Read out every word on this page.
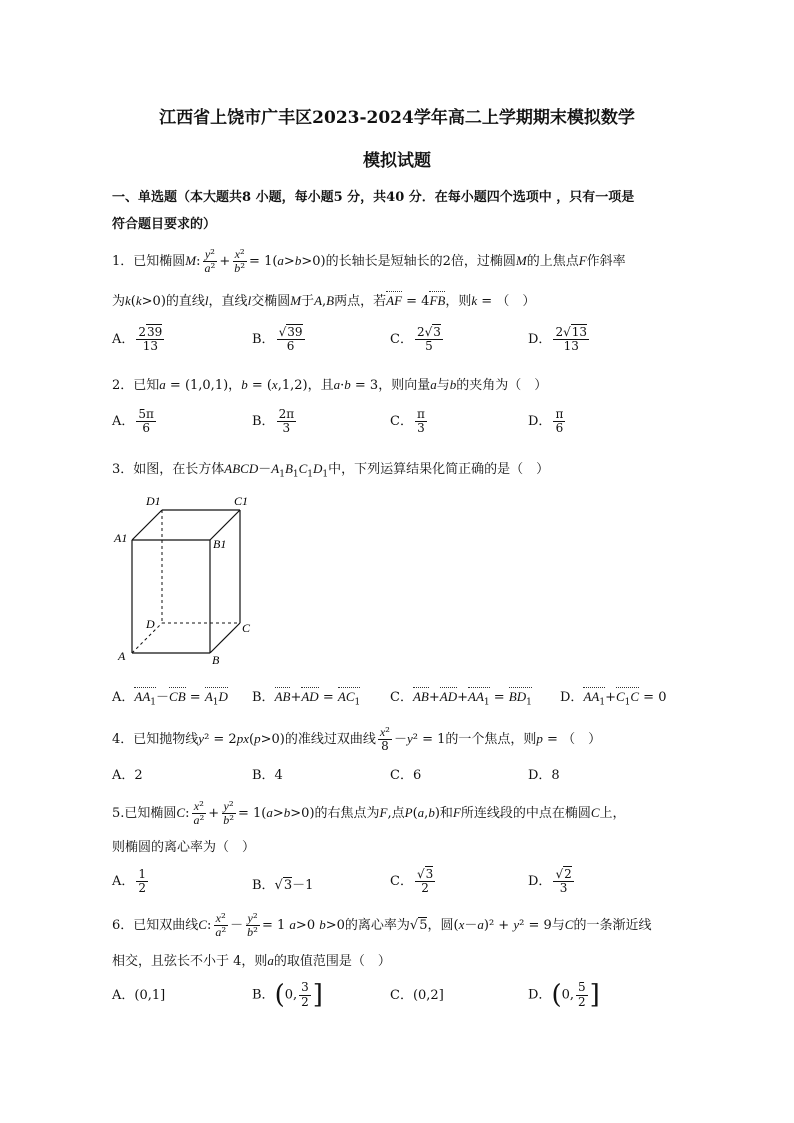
江西省上饶市广丰区2023-2024学年高二上学期期末模拟数学
模拟试题
一、单选题（本大题共8 小题，每小题5 分，共40 分．在每小题四个选项中 ，只有一项是
符合题目要求的）
1．已知椭圆M: $\frac{\text{y²}}{\text{a²}} + \frac{\text{x²}}{\text{b²}} = 1(a>b>0)$的长轴长是短轴长的2倍，过椭圆M的上焦点F作斜率
为k(k>0)的直线l，直线l交椭圆M于A,B两点，若AF = 4FB，则k = （　）
A． $\frac{239}{13}$	B． $\frac{√39}{6}$	C． $\frac{2√3}{5}$	D． $\frac{2√13}{13}$
2．已知a = (1,0,1)，b = (x,1,2)，且a·b = 3，则向量a与b的夹角为（　）
A． $\frac{5\pi}{6}$	B． $\frac{2\pi}{3}$	C． $\frac{\pi}{3}$	D． $\frac{\pi}{6}$
3．如图，在长方体$ABCD-A_1B_1C_1D_1$中，下列运算结果化简正确的是（　）
D1	C1
A1	B1
D	C
A	B
A．$AA_1-CB = A_1D$ B．$AB+AD = AC_1$ C．$AB+AD+AA_1 = BD_1$ D．$AA_1+C_1C = 0$
4．已知抛物线y² = 2px(p>0)的准线过双曲线 $\frac{\text{x²}}{8} -y^2 = 1$的一个焦点，则p = （　）
A．2	B．4	C．6	D．8
5.已知椭圆C: $\frac{\text{x²}}{\text{a²}} + \frac{\text{y²}}{\text{b²}} = 1(a>b>0)$的右焦点为F,点P(a,b)和F所连线段的中点在椭圆C上，
则椭圆的离心率为（　）
A． $\frac{1}{2}$	B．√3－1	C． $\frac{√3}{2}$	D． $\frac{√2}{3}$
6．已知双曲线C: $\frac{\text{x²}}{\text{a²}} - \frac{\text{y²}}{\text{b²}} = 1$ a>0 b>0的离心率为√5，圆(x－a)² + y² = 9与C的一条渐近线
相交，且弦长不小于 4，则a的取值范围是（　）
A．(0,1]	B．(0, $\frac{3}{2}$ ]	C．(0,2]	D．(0, $\frac{5}{2}$ ]
